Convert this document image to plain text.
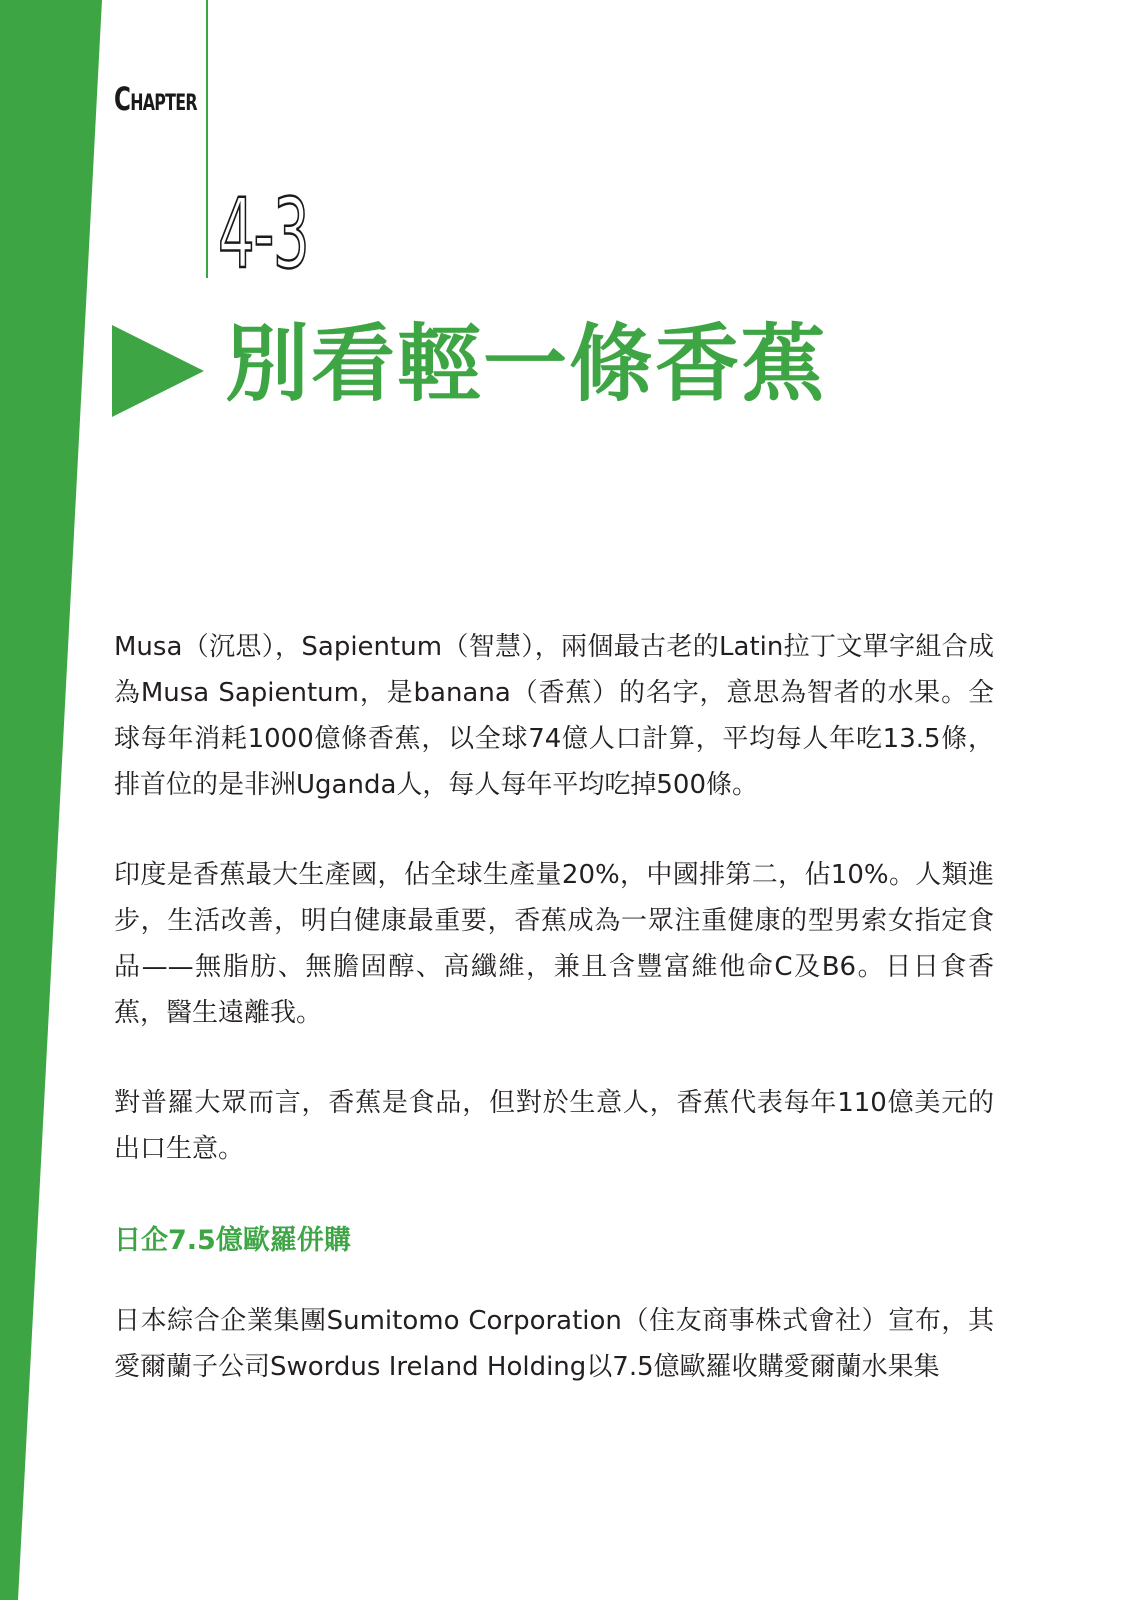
Chapter
4-3
別看輕一條香蕉

Musa（沉思），Sapientum（智慧），兩個最古老的Latin拉丁文單字組合成為Musa Sapientum，是banana（香蕉）的名字，意思為智者的水果。全球每年消耗1000億條香蕉，以全球74億人口計算，平均每人年吃13.5條，排首位的是非洲Uganda人，每人每年平均吃掉500條。

印度是香蕉最大生產國，佔全球生產量20%，中國排第二，佔10%。人類進步，生活改善，明白健康最重要，香蕉成為一眾注重健康的型男索女指定食品——無脂肪、無膽固醇、高纖維，兼且含豐富維他命C及B6。日日食香蕉，醫生遠離我。

對普羅大眾而言，香蕉是食品，但對於生意人，香蕉代表每年110億美元的出口生意。

日企7.5億歐羅併購

日本綜合企業集團Sumitomo Corporation（住友商事株式會社）宣布，其愛爾蘭子公司Swordus Ireland Holding以7.5億歐羅收購愛爾蘭水果集
